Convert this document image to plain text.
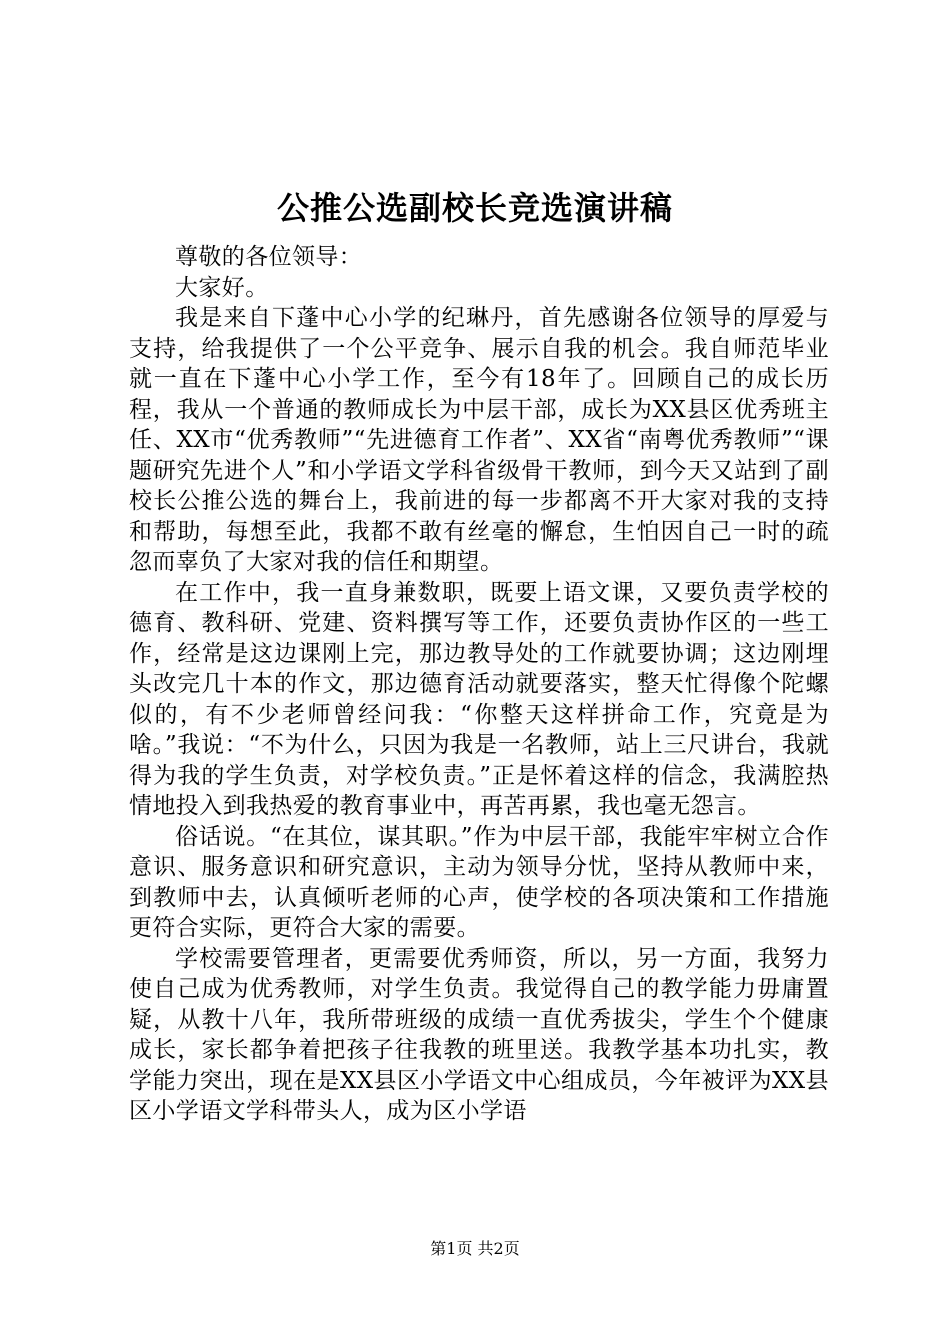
公推公选副校长竞选演讲稿

尊敬的各位领导：

大家好。

我是来自下蓬中心小学的纪琳丹，首先感谢各位领导的厚爱与支持，给我提供了一个公平竞争、展示自我的机会。我自师范毕业就一直在下蓬中心小学工作，至今有18年了。回顾自己的成长历程，我从一个普通的教师成长为中层干部，成长为XX县区优秀班主任、XX市“优秀教师”“先进德育工作者”、XX省“南粤优秀教师”“课题研究先进个人”和小学语文学科省级骨干教师，到今天又站到了副校长公推公选的舞台上，我前进的每一步都离不开大家对我的支持和帮助，每想至此，我都不敢有丝毫的懈怠，生怕因自己一时的疏忽而辜负了大家对我的信任和期望。

在工作中，我一直身兼数职，既要上语文课，又要负责学校的德育、教科研、党建、资料撰写等工作，还要负责协作区的一些工作，经常是这边课刚上完，那边教导处的工作就要协调；这边刚埋头改完几十本的作文，那边德育活动就要落实，整天忙得像个陀螺似的，有不少老师曾经问我：“你整天这样拼命工作，究竟是为啥。”我说：“不为什么，只因为我是一名教师，站上三尺讲台，我就得为我的学生负责，对学校负责。”正是怀着这样的信念，我满腔热情地投入到我热爱的教育事业中，再苦再累，我也毫无怨言。

俗话说。“在其位，谋其职。”作为中层干部，我能牢牢树立合作意识、服务意识和研究意识，主动为领导分忧，坚持从教师中来，到教师中去，认真倾听老师的心声，使学校的各项决策和工作措施更符合实际，更符合大家的需要。

学校需要管理者，更需要优秀师资，所以，另一方面，我努力使自己成为优秀教师，对学生负责。我觉得自己的教学能力毋庸置疑，从教十八年，我所带班级的成绩一直优秀拔尖，学生个个健康成长，家长都争着把孩子往我教的班里送。我教学基本功扎实，教学能力突出，现在是XX县区小学语文中心组成员，今年被评为XX县区小学语文学科带头人，成为区小学语

第1页 共2页
